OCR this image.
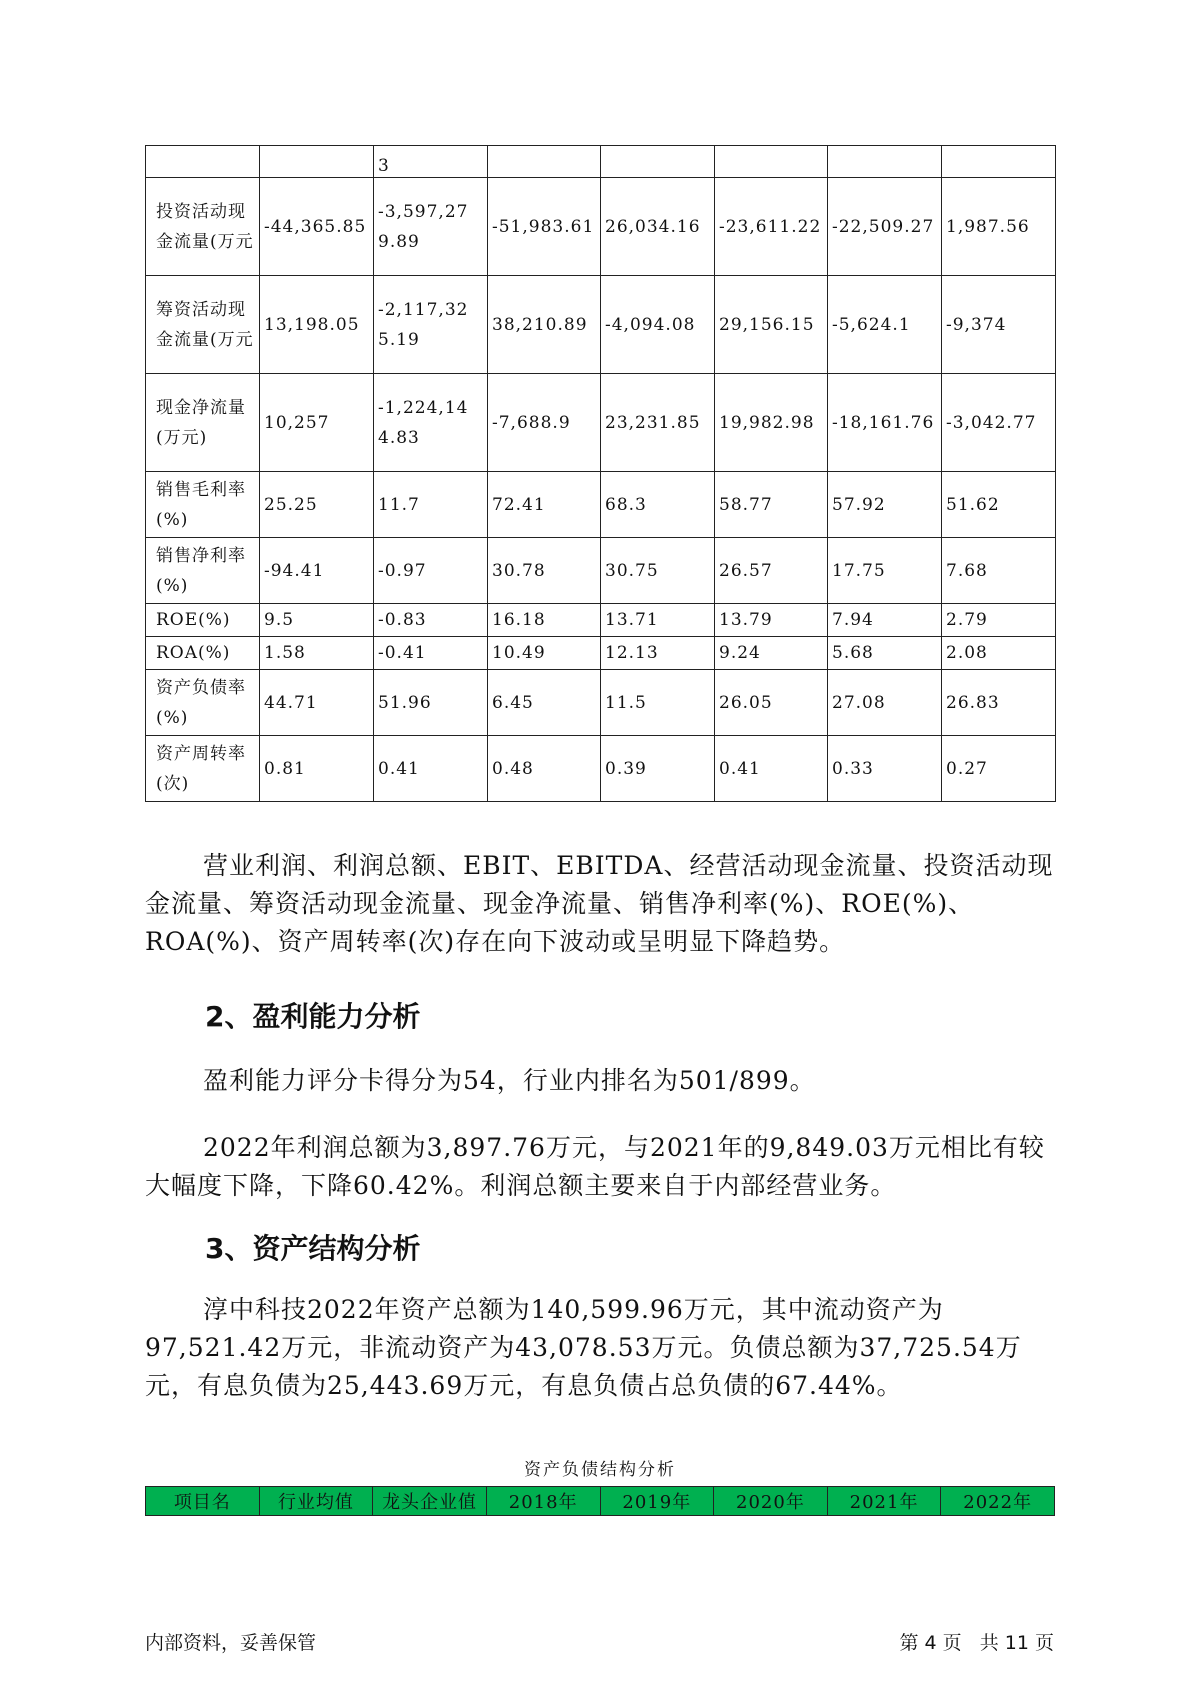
		3					
投资活动现金流量(万元	-44,365.85	-3,597,279.89	-51,983.61	26,034.16	-23,611.22	-22,509.27	1,987.56
筹资活动现金流量(万元	13,198.05	-2,117,325.19	38,210.89	-4,094.08	29,156.15	-5,624.1	-9,374
现金净流量(万元)	10,257	-1,224,144.83	-7,688.9	23,231.85	19,982.98	-18,161.76	-3,042.77
销售毛利率(%)	25.25	11.7	72.41	68.3	58.77	57.92	51.62
销售净利率(%)	-94.41	-0.97	30.78	30.75	26.57	17.75	7.68
ROE(%)	9.5	-0.83	16.18	13.71	13.79	7.94	2.79
ROA(%)	1.58	-0.41	10.49	12.13	9.24	5.68	2.08
资产负债率(%)	44.71	51.96	6.45	11.5	26.05	27.08	26.83
资产周转率(次)	0.81	0.41	0.48	0.39	0.41	0.33	0.27

营业利润、利润总额、EBIT、EBITDA、经营活动现金流量、投资活动现金流量、筹资活动现金流量、现金净流量、销售净利率(%)、ROE(%)、ROA(%)、资产周转率(次)存在向下波动或呈明显下降趋势。

2、盈利能力分析

盈利能力评分卡得分为54，行业内排名为501/899。

2022年利润总额为3,897.76万元，与2021年的9,849.03万元相比有较大幅度下降，下降60.42%。利润总额主要来自于内部经营业务。

3、资产结构分析

淳中科技2022年资产总额为140,599.96万元，其中流动资产为97,521.42万元，非流动资产为43,078.53万元。负债总额为37,725.54万元，有息负债为25,443.69万元，有息负债占总负债的67.44%。

资产负债结构分析
项目名	行业均值	龙头企业值	2018年	2019年	2020年	2021年	2022年
内部资料，妥善保管	第 4 页   共 11 页
